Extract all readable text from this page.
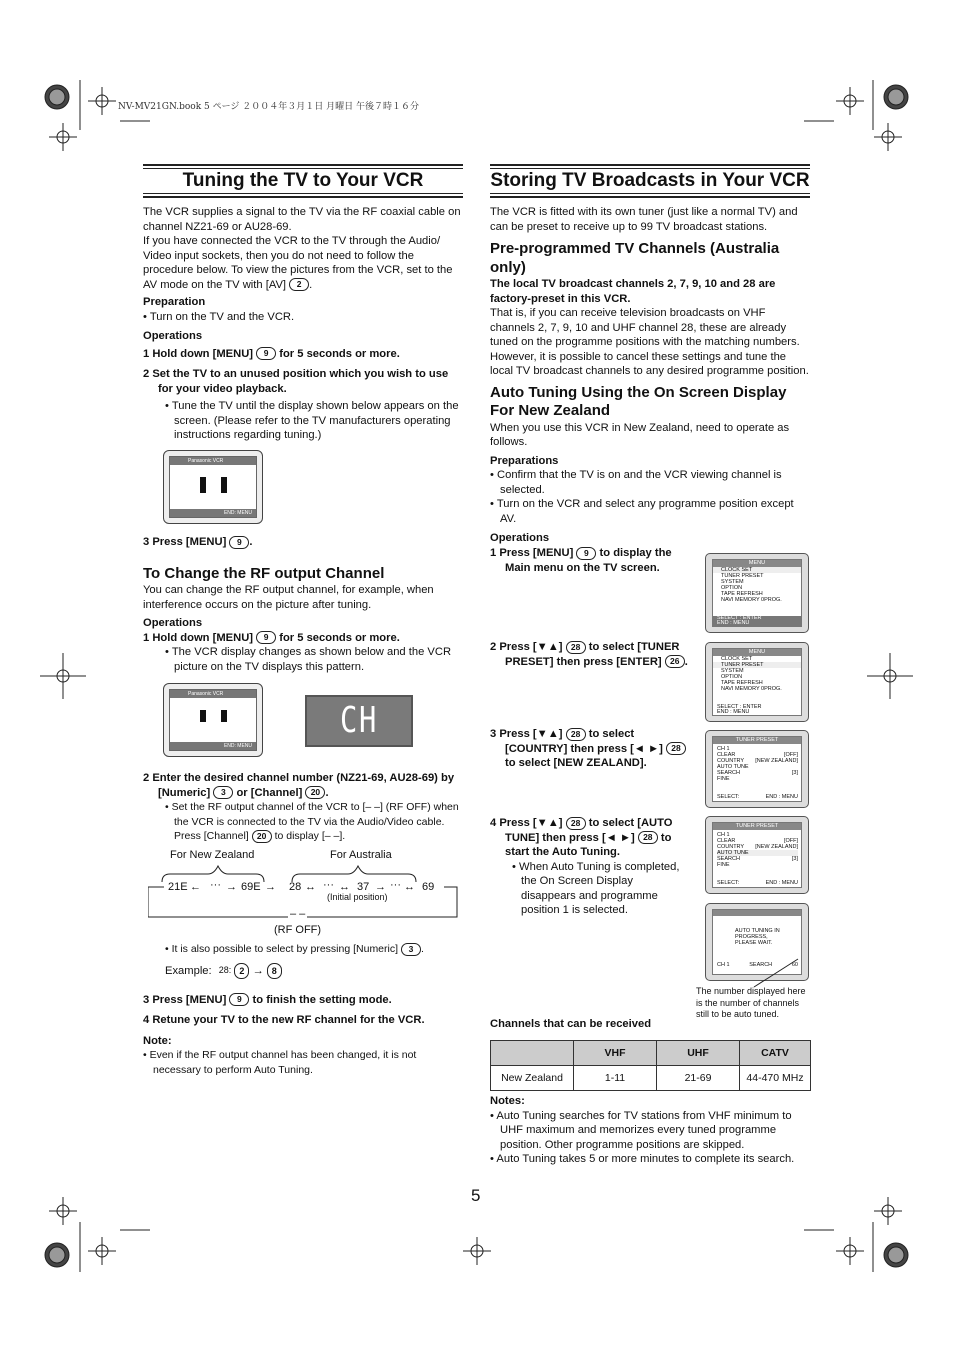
NV-MV21GN.book 5 ページ ２００４年３月１日 月曜日 午後７時１６分
Tuning the TV to Your VCR

The VCR supplies a signal to the TV via the RF coaxial cable on channel NZ21-69 or AU28-69.

If you have connected the VCR to the TV through the Audio/ Video input sockets, then you do not need to follow the procedure below. To view the pictures from the VCR, set to the AV mode on the TV with [AV] 2 .

Preparation

• Turn on the TV and the VCR.

Operations

1 Hold down [MENU] 9 for 5 seconds or more.

2 Set the TV to an unused position which you wish to use for your video playback.

• Tune the TV until the display shown below appears on the screen. (Please refer to the TV manufacturers operating instructions regarding tuning.)
Panasonic VCR
END: MENU

3 Press [MENU] 9 .

To Change the RF output Channel

You can change the RF output channel, for example, when interference occurs on the picture after tuning.

Operations

1 Hold down [MENU] 9 for 5 seconds or more.

• The VCR display changes as shown below and the VCR picture on the TV displays this pattern.
Panasonic VCR
END: MENU
CH 37

2 Enter the desired channel number (NZ21-69, AU28-69) by [Numeric] 3 or [Channel] 20 .

• Set the RF output channel of the VCR to [– –] (RF OFF) when the VCR is connected to the TV via the Audio/Video cable. Press [Channel] 20 to display [– –].
For New Zealand	For Australia
21E ← ··· → 69E → 28 ↔ ··· ↔ 37 → ··· ↔ 69
(Initial position)
– –
(RF OFF)
• It is also possible to select by pressing [Numeric] 3 .
Example: 28: 2 → 8

3 Press [MENU] 9 to finish the setting mode.

4 Retune your TV to the new RF channel for the VCR.

Note:

• Even if the RF output channel has been changed, it is not necessary to perform Auto Tuning.
Storing TV Broadcasts in Your VCR

The VCR is fitted with its own tuner (just like a normal TV) and can be preset to receive up to 99 TV broadcast stations.

Pre-programmed TV Channels (Australia only)

The local TV broadcast channels 2, 7, 9, 10 and 28 are factory-preset in this VCR.

That is, if you can receive television broadcasts on VHF channels 2, 7, 9, 10 and UHF channel 28, these are already tuned on the programme positions with the matching numbers. However, it is possible to cancel these settings and tune the local TV broadcast channels to any desired programme position.

Auto Tuning Using the On Screen Display For New Zealand

When you use this VCR in New Zealand, need to operate as follows.

Preparations

• Confirm that the TV is on and the VCR viewing channel is selected.
• Turn on the VCR and select any programme position except AV.

Operations

1 Press [MENU] 9 to display the Main menu on the TV screen.

2 Press [▼▲] 28 to select [TUNER PRESET] then press [ENTER] 26 .

3 Press [▼▲] 28 to select [COUNTRY] then press [◄ ►] 28 to select [NEW ZEALAND].

4 Press [▼▲] 28 to select [AUTO TUNE] then press [◄ ►] 28 to start the Auto Tuning.

• When Auto Tuning is completed, the On Screen Display disappears and programme position 1 is selected.
MENU
CLOCK SET
TUNER PRESET
SYSTEM
OPTION
TAPE REFRESH
NAVI MEMORY 0PROG.
SELECT : ENTER
END : MENU
MENU
CLOCK SET
TUNER PRESET
SYSTEM
OPTION
TAPE REFRESH
NAVI MEMORY 0PROG.
SELECT : ENTER
END : MENU
TUNER PRESET
CH 1
CLEAR	[OFF]
COUNTRY [NEW ZEALAND]
AUTO TUNE
SEARCH	[3]
FINE
SELECT:	END : MENU
TUNER PRESET
CH 1
CLEAR	[OFF]
COUNTRY [NEW ZEALAND]
AUTO TUNE
SEARCH	[3]
FINE
SELECT:	END : MENU
AUTO TUNING IN PROGRESS, PLEASE WAIT.
CH 1	SEARCH	60
The number displayed here is the number of channels still to be auto tuned.
Channels that can be received
	VHF	UHF	CATV
New Zealand	1-11	21-69	44-470 MHz

Notes:

• Auto Tuning searches for TV stations from VHF minimum to UHF maximum and memorizes every tuned programme position. Other programme positions are skipped.
• Auto Tuning takes 5 or more minutes to complete its search.
5
